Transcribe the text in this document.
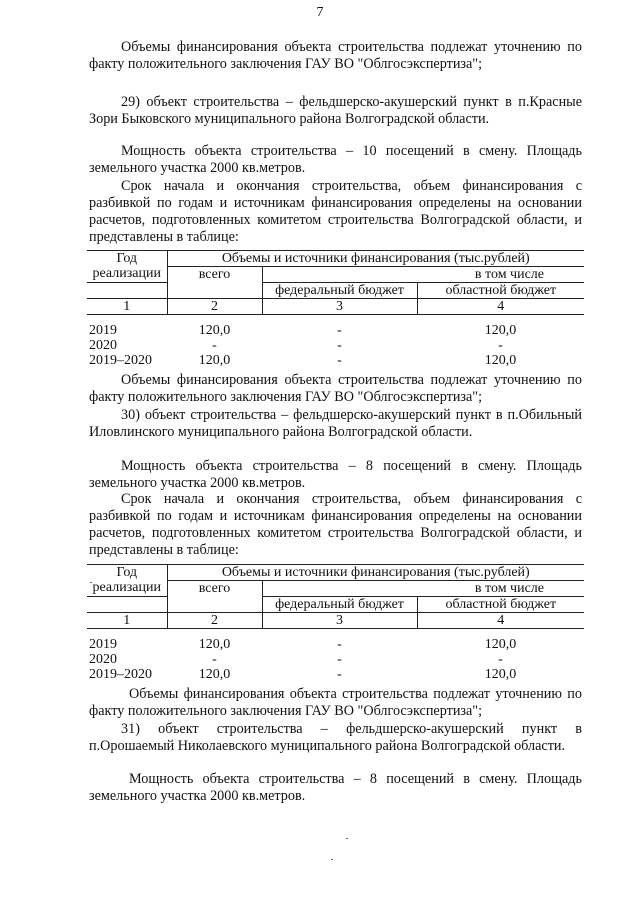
7

Объемы финансирования объекта строительства подлежат уточнению по факту положительного заключения ГАУ ВО "Облгосэкспертиза";

29) объект строительства – фельдшерско-акушерский пункт в п.Красные Зори Быковского муниципального района Волгоградской области.

Мощность объекта строительства – 10 посещений в смену. Площадь земельного участка 2000 кв.метров.

Срок начала и окончания строительства, объем финансирования с разбивкой по годам и источникам финансирования определены на основании расчетов, подготовленных комитетом строительства Волгоградской области, и представлены в таблице:

Год реализации	Объемы и источники финансирования (тыс.рублей)		
	всего	в том числе	
		федеральный бюджет	областной бюджет
1	2	3	4

2019	120,0	-	120,0
2020	-	-	-
2019–2020	120,0	-	120,0

Объемы финансирования объекта строительства подлежат уточнению по факту положительного заключения ГАУ ВО "Облгосэкспертиза";

30) объект строительства – фельдшерско-акушерский пункт в п.Обильный Иловлинского муниципального района Волгоградской области.

Мощность объекта строительства – 8 посещений в смену. Площадь земельного участка 2000 кв.метров.

Срок начала и окончания строительства, объем финансирования с разбивкой по годам и источникам финансирования определены на основании расчетов, подготовленных комитетом строительства Волгоградской области, и представлены в таблице:

Год реализации	Объемы и источники финансирования (тыс.рублей)		
	всего	в том числе	
		федеральный бюджет	областной бюджет
1	2	3	4

2019	120,0	-	120,0
2020	-	-	-
2019–2020	120,0	-	120,0

Объемы финансирования объекта строительства подлежат уточнению по факту положительного заключения ГАУ ВО "Облгосэкспертиза";

31) объект строительства – фельдшерско-акушерский пункт в п.Орошаемый Николаевского муниципального района Волгоградской области.

Мощность объекта строительства – 8 посещений в смену. Площадь земельного участка 2000 кв.метров.
